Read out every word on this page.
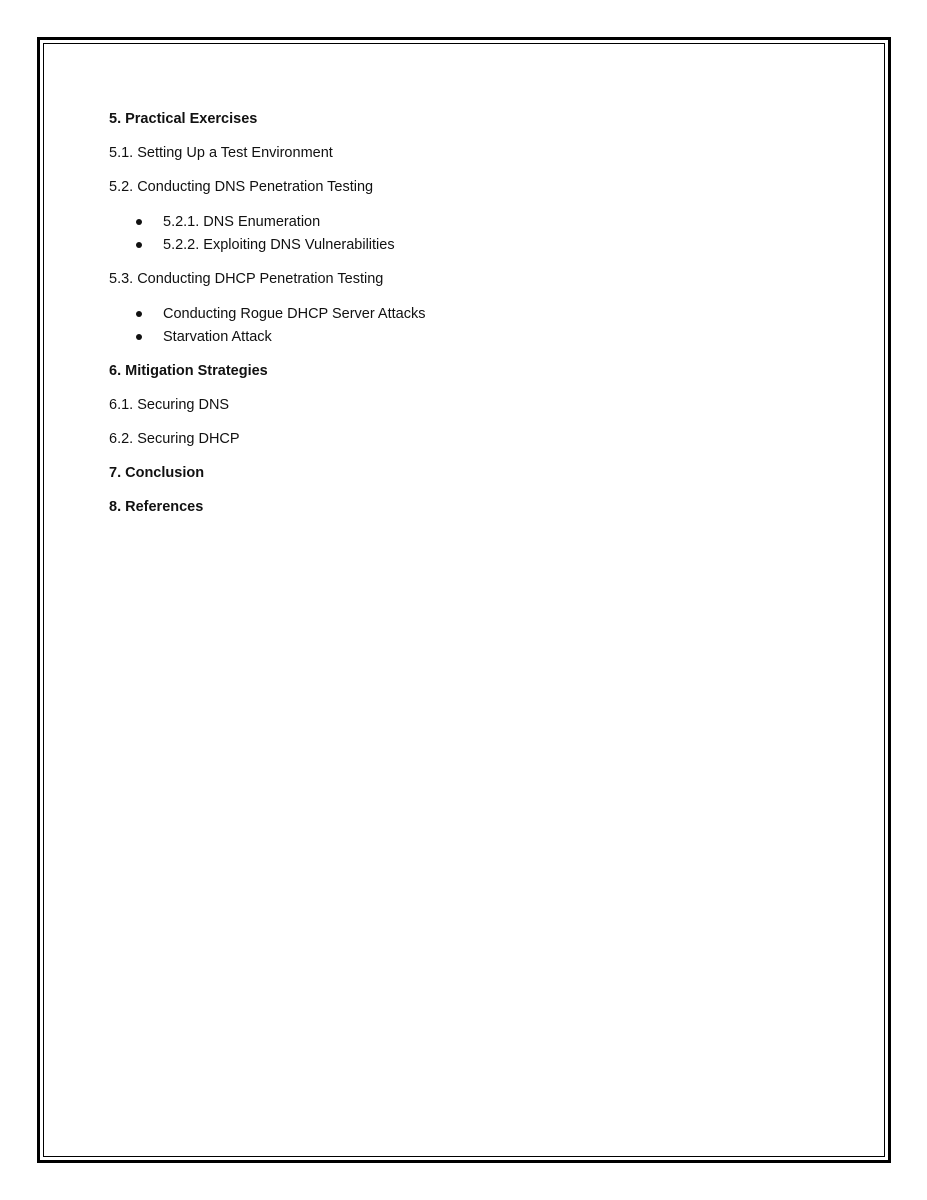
5. Practical Exercises
5.1. Setting Up a Test Environment
5.2. Conducting DNS Penetration Testing
5.2.1. DNS Enumeration
5.2.2. Exploiting DNS Vulnerabilities
5.3. Conducting DHCP Penetration Testing
Conducting Rogue DHCP Server Attacks
Starvation Attack
6. Mitigation Strategies
6.1. Securing DNS
6.2. Securing DHCP
7. Conclusion
8. References
